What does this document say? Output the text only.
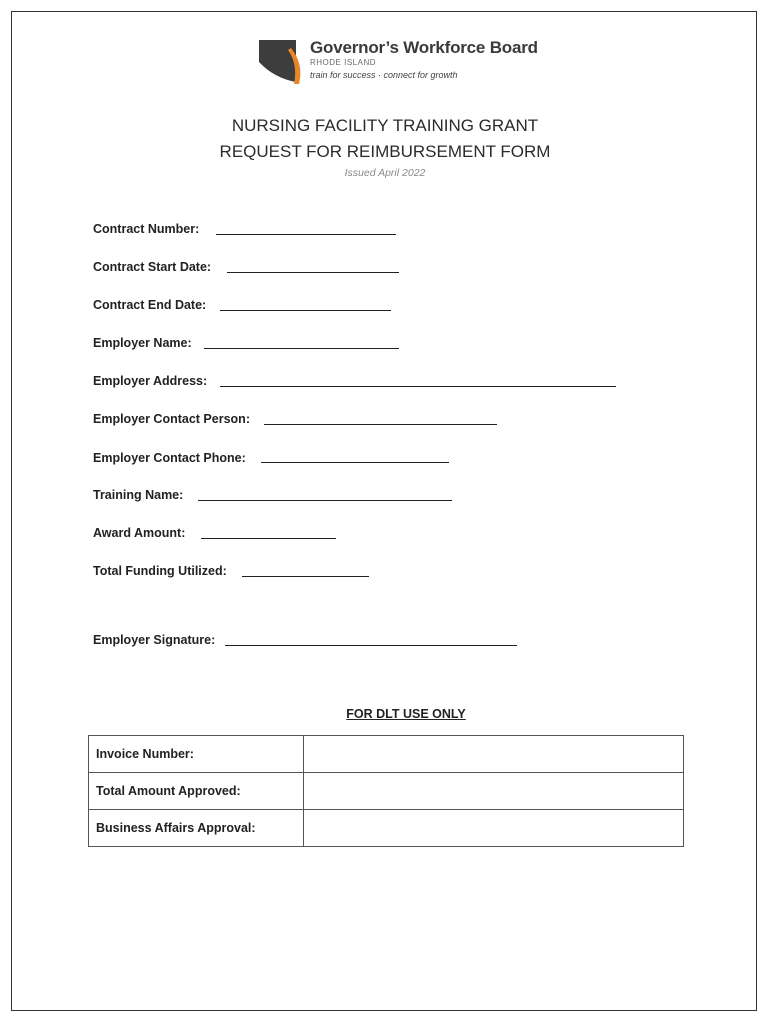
Governor’s Workforce Board
RHODE ISLAND
train for success · connect for growth
NURSING FACILITY TRAINING GRANT
REQUEST FOR REIMBURSEMENT FORM
Issued April 2022
Contract Number:
Contract Start Date:
Contract End Date:
Employer Name:
Employer Address:
Employer Contact Person:
Employer Contact Phone:
Training Name:
Award Amount:
Total Funding Utilized:
Employer Signature:
FOR DLT USE ONLY
Invoice Number:	
Total Amount Approved:	
Business Affairs Approval:	
